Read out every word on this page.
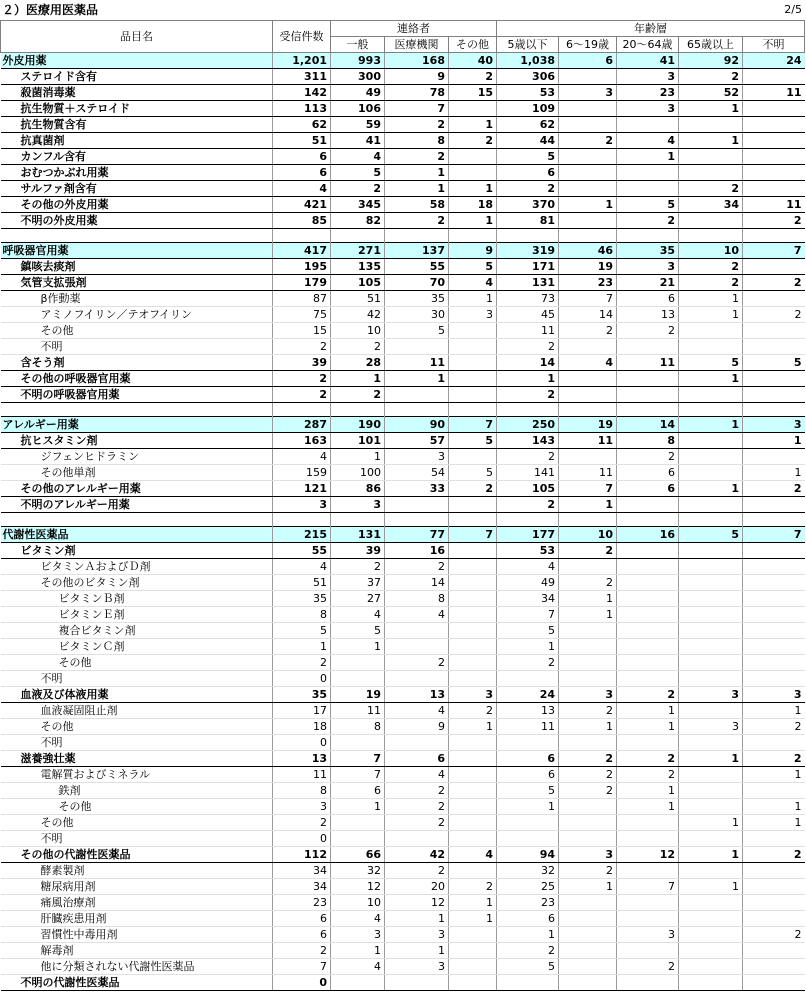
２）医療用医薬品	2/5
品目名	受信件数	連絡者			年齢層				
		一般	医療機関	その他	5歳以下	6～19歳	20～64歳	65歳以上	不明
外皮用薬	1,201	993	168	40	1,038	6	41	92	24
ステロイド含有	311	300	9	2	306		3	2	
殺菌消毒薬	142	49	78	15	53	3	23	52	11
抗生物質＋ステロイド	113	106	7		109		3	1	
抗生物質含有	62	59	2	1	62				
抗真菌剤	51	41	8	2	44	2	4	1	
カンフル含有	6	4	2		5		1		
おむつかぶれ用薬	6	5	1		6				
サルファ剤含有	4	2	1	1	2			2	
その他の外皮用薬	421	345	58	18	370	1	5	34	11
不明の外皮用薬	85	82	2	1	81		2		2

呼吸器官用薬	417	271	137	9	319	46	35	10	7
鎮咳去痰剤	195	135	55	5	171	19	3	2	
気管支拡張剤	179	105	70	4	131	23	21	2	2
β作動薬	87	51	35	1	73	7	6	1	
アミノフイリン／テオフイリン	75	42	30	3	45	14	13	1	2
その他	15	10	5		11	2	2		
不明	2	2			2				
含そう剤	39	28	11		14	4	11	5	5
その他の呼吸器官用薬	2	1	1		1			1	
不明の呼吸器官用薬	2	2			2				

アレルギー用薬	287	190	90	7	250	19	14	1	3
抗ヒスタミン剤	163	101	57	5	143	11	8		1
ジフェンヒドラミン	4	1	3		2		2		
その他単剤	159	100	54	5	141	11	6		1
その他のアレルギー用薬	121	86	33	2	105	7	6	1	2
不明のアレルギー用薬	3	3			2	1			

代謝性医薬品	215	131	77	7	177	10	16	5	7
ビタミン剤	55	39	16		53	2			
ビタミンＡおよびＤ剤	4	2	2		4				
その他のビタミン剤	51	37	14		49	2			
ビタミンＢ剤	35	27	8		34	1			
ビタミンＥ剤	8	4	4		7	1			
複合ビタミン剤	5	5			5				
ビタミンＣ剤	1	1			1				
その他	2		2		2				
不明	0								
血液及び体液用薬	35	19	13	3	24	3	2	3	3
血液凝固阻止剤	17	11	4	2	13	2	1		1
その他	18	8	9	1	11	1	1	3	2
不明	0								
滋養強壮薬	13	7	6		6	2	2	1	2
電解質およびミネラル	11	7	4		6	2	2		1
鉄剤	8	6	2		5	2	1		
その他	3	1	2		1		1		1
その他	2		2					1	1
不明	0								
その他の代謝性医薬品	112	66	42	4	94	3	12	1	2
酵素製剤	34	32	2		32	2			
糖尿病用剤	34	12	20	2	25	1	7	1	
痛風治療剤	23	10	12	1	23				
肝臓疾患用剤	6	4	1	1	6				
習慣性中毒用剤	6	3	3		1		3		2
解毒剤	2	1	1		2				
他に分類されない代謝性医薬品	7	4	3		5		2		
不明の代謝性医薬品	0								
